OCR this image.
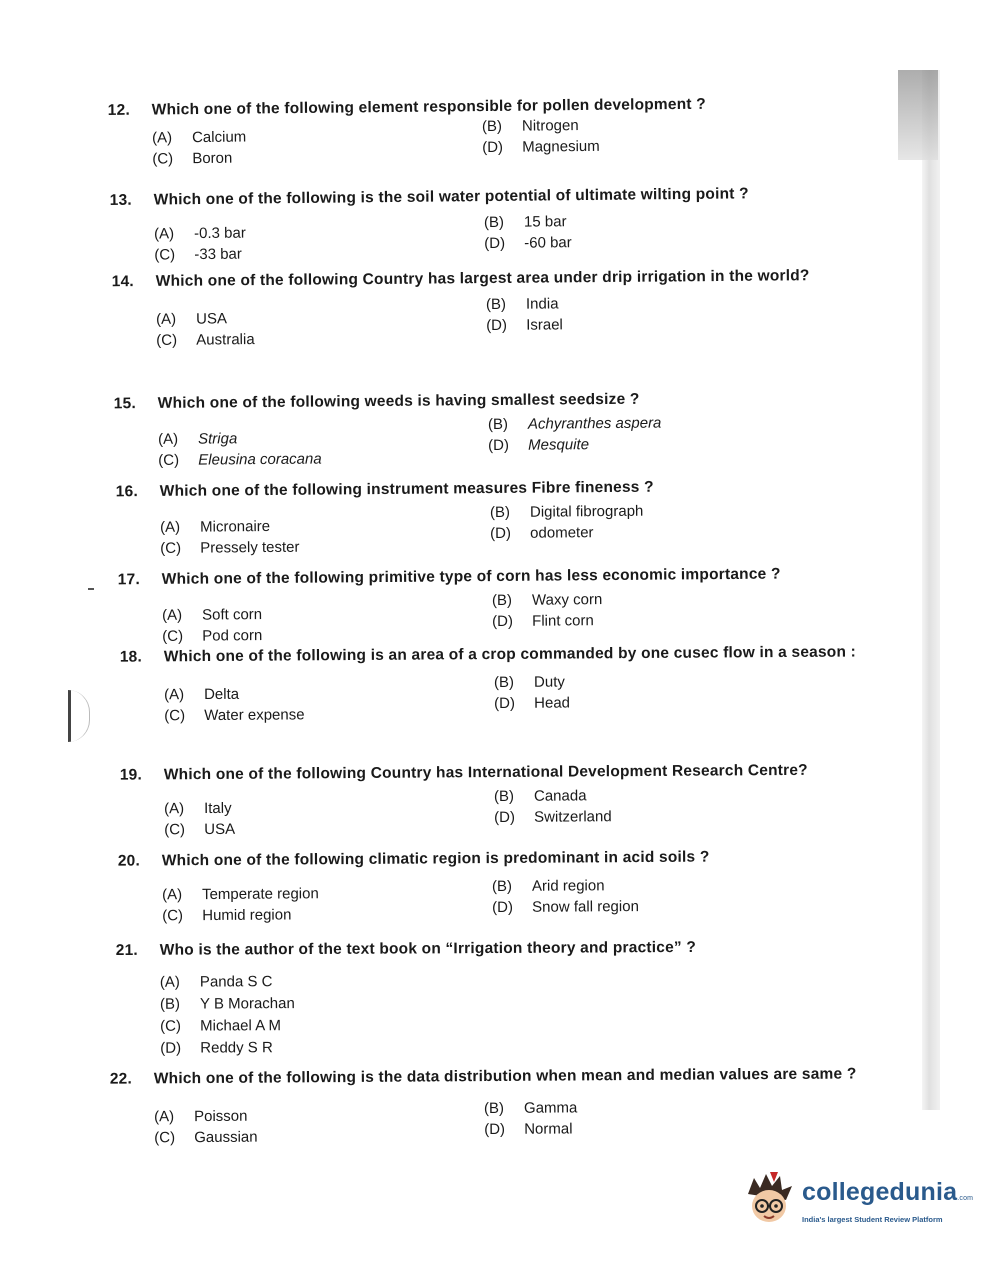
12.	Which one of the following element responsible for pollen development ?
(A)	Calcium
(C)	Boron
(B)	Nitrogen
(D)	Magnesium
13.	Which one of the following is the soil water potential of ultimate wilting point ?
(A)	-0.3 bar
(C)	-33 bar
(B)	15 bar
(D)	-60 bar
14.	Which one of the following Country has largest area under drip irrigation in the world?
(A)	USA
(C)	Australia
(B)	India
(D)	Israel
15.	Which one of the following weeds is having smallest seedsize ?
(A)	Striga
(C)	Eleusina coracana
(B)	Achyranthes aspera
(D)	Mesquite
16.	Which one of the following instrument measures Fibre fineness ?
(A)	Micronaire
(C)	Pressely tester
(B)	Digital fibrograph
(D)	odometer
17.	Which one of the following primitive type of corn has less economic importance ?
(A)	Soft corn
(C)	Pod corn
(B)	Waxy corn
(D)	Flint corn
18.	Which one of the following is an area of a crop commanded by one cusec flow in a season :
(A)	Delta
(C)	Water expense
(B)	Duty
(D)	Head
19.	Which one of the following Country has International Development Research Centre?
(A)	Italy
(C)	USA
(B)	Canada
(D)	Switzerland
20.	Which one of the following climatic region is predominant in acid soils ?
(A)	Temperate region
(C)	Humid region
(B)	Arid region
(D)	Snow fall region
21.	Who is the author of the text book on “Irrigation theory and practice” ?
(A)	Panda S C
(B)	Y B Morachan
(C)	Michael A M
(D)	Reddy S R
22.	Which one of the following is the data distribution when mean and median values are same ?
(A)	Poisson
(C)	Gaussian
(B)	Gamma
(D)	Normal
collegedunia.com
India's largest Student Review Platform
